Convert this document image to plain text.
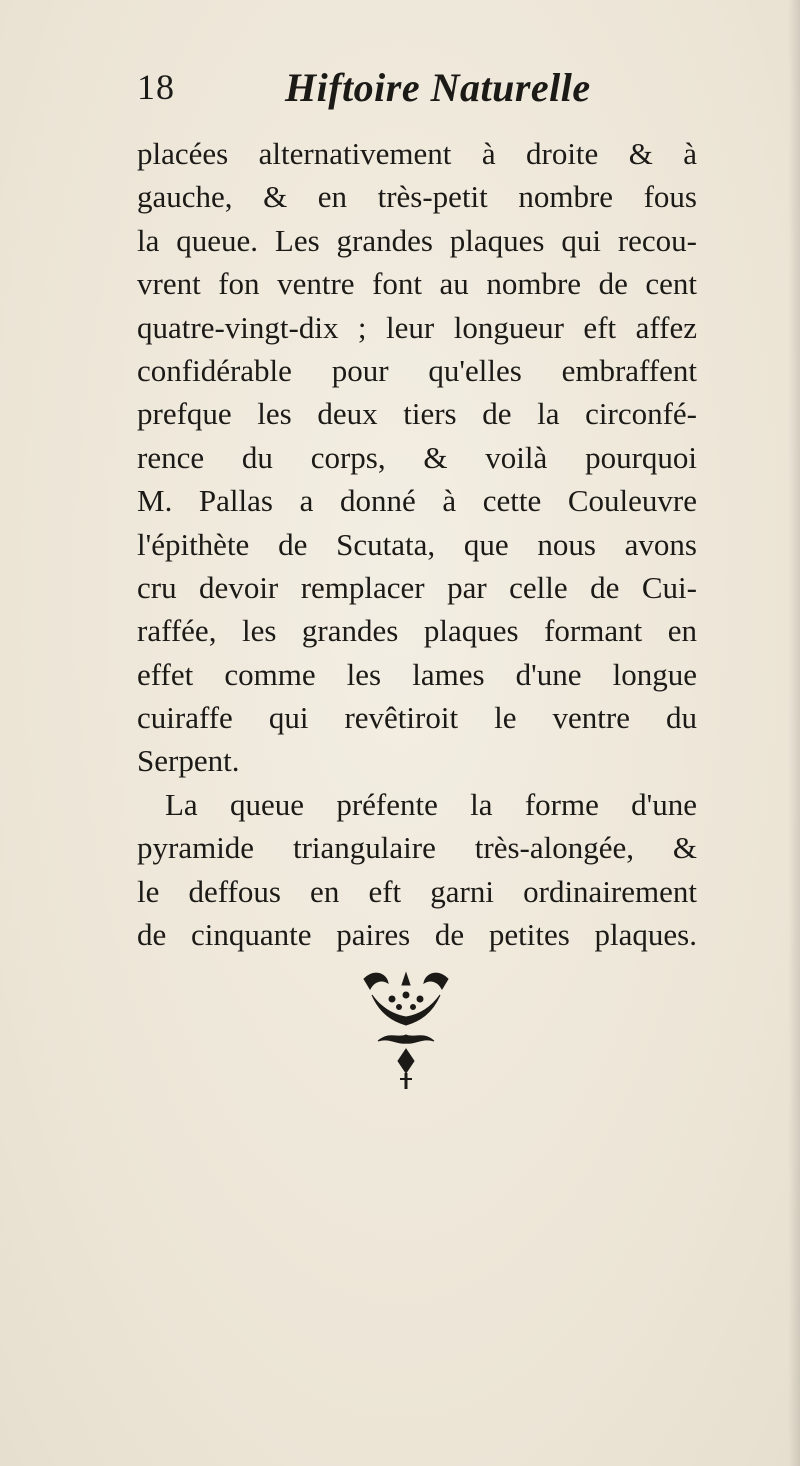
18	Hiftoire Naturelle
placées alternativement à droite & à
gauche, & en très-petit nombre fous
la queue. Les grandes plaques qui recou-
vrent fon ventre font au nombre de cent
quatre-vingt-dix ; leur longueur eft affez
confidérable pour qu'elles embraffent
prefque les deux tiers de la circonfé-
rence du corps, & voilà pourquoi
M. Pallas a donné à cette Couleuvre
l'épithète de Scutata, que nous avons
cru devoir remplacer par celle de Cui-
raffée, les grandes plaques formant en
effet comme les lames d'une longue
cuiraffe qui revêtiroit le ventre du
Serpent.
La queue préfente la forme d'une
pyramide triangulaire très-alongée, &
le deffous en eft garni ordinairement
de cinquante paires de petites plaques.
